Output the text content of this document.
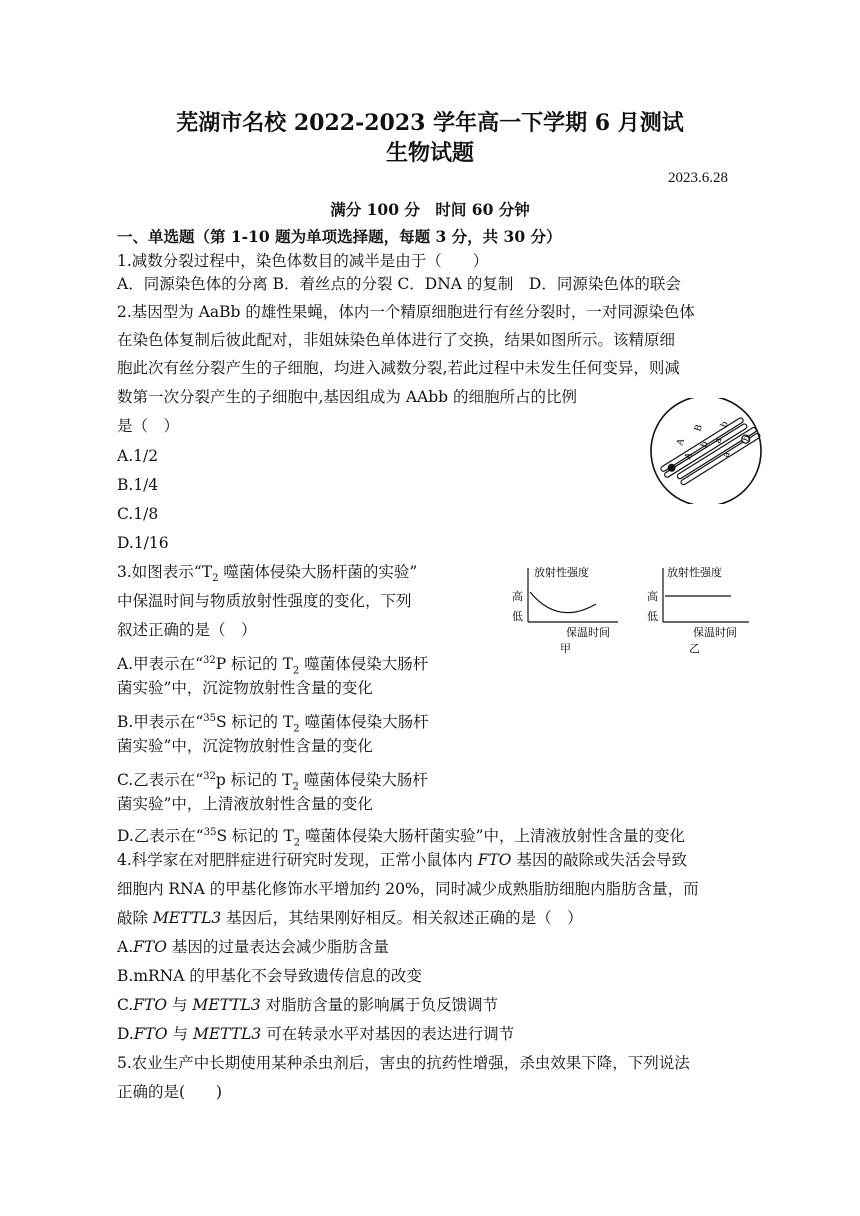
芜湖市名校 2022-2023 学年高一下学期 6 月测试
生物试题
2023.6.28
满分 100 分　时间 60 分钟
一、单选题（第 1-10 题为单项选择题，每题 3 分，共 30 分）
1.减数分裂过程中，染色体数目的减半是由于（　　）
A．同源染色体的分离 B．着丝点的分裂 C．DNA 的复制　D．同源染色体的联会
2.基因型为 AaBb 的雄性果蝇，体内一个精原细胞进行有丝分裂时，一对同源染色体
在染色体复制后彼此配对，非姐妹染色单体进行了交换，结果如图所示。该精原细
胞此次有丝分裂产生的子细胞，均进入减数分裂,若此过程中未发生任何变异，则减
数第一次分裂产生的子细胞中,基因组成为 AAbb 的细胞所占的比例
是（　）
A.1/2
B.1/4
C.1/8
D.1/16
A
B
A
b a
b
a
b
3.如图表示“$T_2$ 噬菌体侵染大肠杆菌的实验”
中保温时间与物质放射性强度的变化，下列
叙述正确的是（　）
A.甲表示在“$^{32}$P 标记的 $T_2$ 噬菌体侵染大肠杆
菌实验”中，沉淀物放射性含量的变化
B.甲表示在“$^{35}$S 标记的 $T_2$ 噬菌体侵染大肠杆
菌实验”中，沉淀物放射性含量的变化
C.乙表示在“$^{32}$p 标记的 $T_2$ 噬菌体侵染大肠杆
菌实验”中，上清液放射性含量的变化
D.乙表示在“$^{35}$S 标记的 $T_2$ 噬菌体侵染大肠杆菌实验”中，上清液放射性含量的变化
放射性强度
高
低
保温时间
甲
放射性强度
高
低
保温时间
乙
4.科学家在对肥胖症进行研究时发现，正常小鼠体内 FTO 基因的敲除或失活会导致
细胞内 RNA 的甲基化修饰水平增加约 20%，同时减少成熟脂肪细胞内脂肪含量，而
敲除 METTL3 基因后，其结果刚好相反。相关叙述正确的是（　）
A.FTO 基因的过量表达会减少脂肪含量
B.mRNA 的甲基化不会导致遗传信息的改变
C.FTO 与 METTL3 对脂肪含量的影响属于负反馈调节
D.FTO 与 METTL3 可在转录水平对基因的表达进行调节
5.农业生产中长期使用某种杀虫剂后，害虫的抗药性增强，杀虫效果下降，下列说法
正确的是(　　)
